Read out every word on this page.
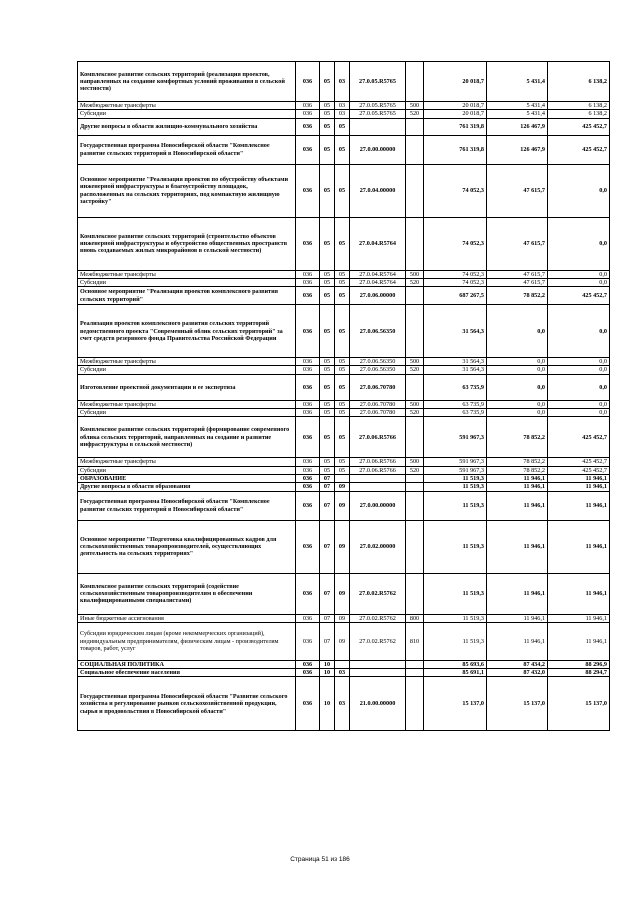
Комплексное развитие сельских территорий (реализация проектов, направленных на создание комфортных условий проживания в сельской местности)	036	05	03	27.0.05.R5765		20 018,7	5 431,4	6 138,2
Межбюджетные трансферты	036	05	03	27.0.05.R5765	500	20 018,7	5 431,4	6 138,2
Субсидии	036	05	03	27.0.05.R5765	520	20 018,7	5 431,4	6 138,2
Другие вопросы в области жилищно-коммунального хозяйства	036	05	05			761 319,8	126 467,9	425 452,7
Государственная программа Новосибирской области "Комплексное развитие сельских территорий в Новосибирской области"	036	05	05	27.0.00.00000		761 319,8	126 467,9	425 452,7
Основное мероприятие "Реализация проектов по обустройству объектами инженерной инфраструктуры и благоустройству площадок, расположенных на сельских территориях, под компактную жилищную застройку"	036	05	05	27.0.04.00000		74 052,3	47 615,7	0,0
Комплексное развитие сельских территорий (строительство объектов инженерной инфраструктуры и обустройство общественных пространств вновь создаваемых жилых микрорайонов в сельской местности)	036	05	05	27.0.04.R5764		74 052,3	47 615,7	0,0
Межбюджетные трансферты	036	05	05	27.0.04.R5764	500	74 052,3	47 615,7	0,0
Субсидии	036	05	05	27.0.04.R5764	520	74 052,3	47 615,7	0,0
Основное мероприятие "Реализация проектов комплексного развития сельских территорий"	036	05	05	27.0.06.00000		687 267,5	78 852,2	425 452,7
Реализация проектов комплексного развития сельских территорий ведомственного проекта "Современный облик сельских территорий" за счет средств резервного фонда Правительства Российской Федерации	036	05	05	27.0.06.56350		31 564,3	0,0	0,0
Межбюджетные трансферты	036	05	05	27.0.06.56350	500	31 564,3	0,0	0,0
Субсидии	036	05	05	27.0.06.56350	520	31 564,3	0,0	0,0
Изготовление проектной документации и ее экспертиза	036	05	05	27.0.06.70780		63 735,9	0,0	0,0
Межбюджетные трансферты	036	05	05	27.0.06.70780	500	63 735,9	0,0	0,0
Субсидии	036	05	05	27.0.06.70780	520	63 735,9	0,0	0,0
Комплексное развитие сельских территорий (формирование современного облика сельских территорий, направленных на создание и развитие инфраструктуры в сельской местности)	036	05	05	27.0.06.R5766		591 967,3	78 852,2	425 452,7
Межбюджетные трансферты	036	05	05	27.0.06.R5766	500	591 967,3	78 852,2	425 452,7
Субсидии	036	05	05	27.0.06.R5766	520	591 967,3	78 852,2	425 452,7
ОБРАЗОВАНИЕ	036	07				11 519,3	11 946,1	11 946,1
Другие вопросы в области образования	036	07	09			11 519,3	11 946,1	11 946,1
Государственная программа Новосибирской области "Комплексное развитие сельских территорий в Новосибирской области"	036	07	09	27.0.00.00000		11 519,3	11 946,1	11 946,1
Основное мероприятие "Подготовка квалифицированных кадров для сельскохозяйственных товаропроизводителей, осуществляющих деятельность на сельских территориях"	036	07	09	27.0.02.00000		11 519,3	11 946,1	11 946,1
Комплексное развитие сельских территорий (содействие сельскохозяйственным товаропроизводителям в обеспечении квалифицированными специалистами)	036	07	09	27.0.02.R5762		11 519,3	11 946,1	11 946,1
Иные бюджетные ассигнования	036	07	09	27.0.02.R5762	800	11 519,3	11 946,1	11 946,1
Субсидии юридическим лицам (кроме некоммерческих организаций), индивидуальным предпринимателям, физическим лицам - производителям товаров, работ, услуг	036	07	09	27.0.02.R5762	810	11 519,3	11 946,1	11 946,1
СОЦИАЛЬНАЯ ПОЛИТИКА	036	10				85 693,6	87 434,2	88 296,9
Социальное обеспечение населения	036	10	03			85 691,1	87 432,0	88 294,7
Государственная программа Новосибирской области "Развитие сельского хозяйства и регулирование рынков сельскохозяйственной продукции, сырья и продовольствия в Новосибирской области"	036	10	03	21.0.00.00000		15 137,0	15 137,0	15 137,0
Страница 51 из 186
